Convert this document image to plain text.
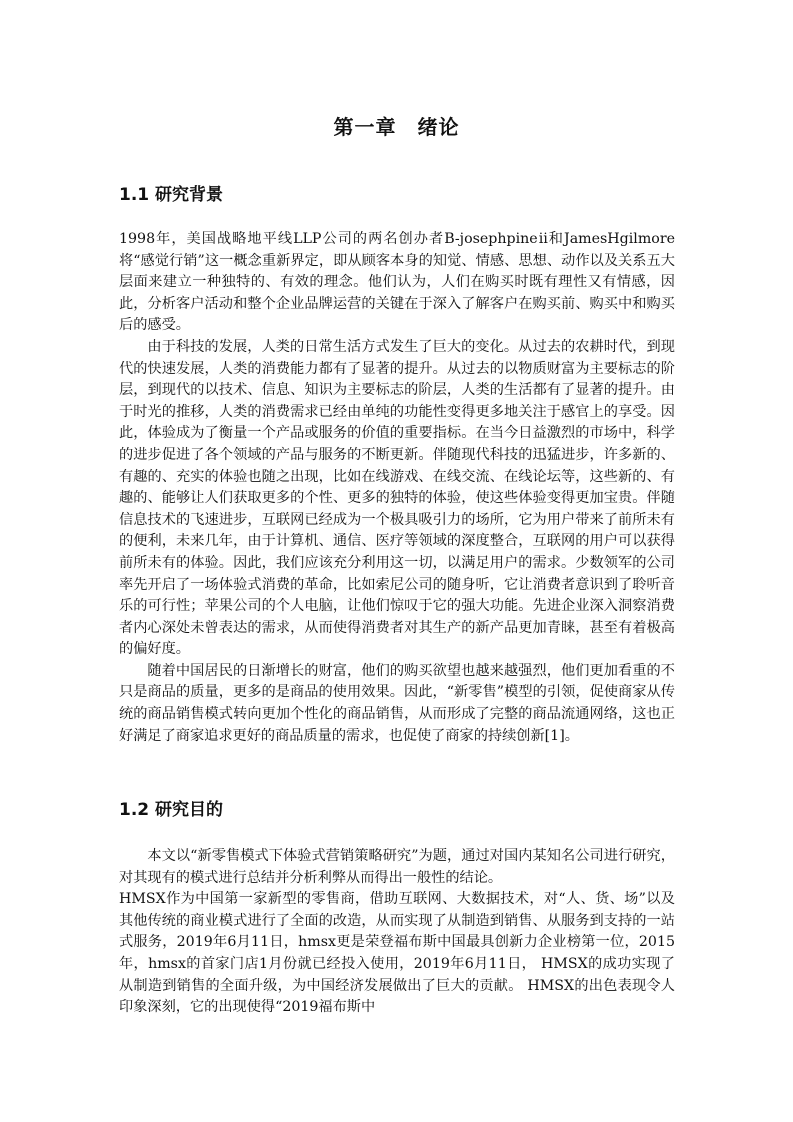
第一章　绪论
1.1 研究背景

1998年，美国战略地平线LLP公司的两名创办者B-josephpineⅱ和JamesHgilmore将“感觉行销”这一概念重新界定，即从顾客本身的知觉、情感、思想、动作以及关系五大层面来建立一种独特的、有效的理念。他们认为，人们在购买时既有理性又有情感，因此，分析客户活动和整个企业品牌运营的关键在于深入了解客户在购买前、购买中和购买后的感受。

由于科技的发展，人类的日常生活方式发生了巨大的变化。从过去的农耕时代，到现代的快速发展，人类的消费能力都有了显著的提升。从过去的以物质财富为主要标志的阶层，到现代的以技术、信息、知识为主要标志的阶层，人类的生活都有了显著的提升。由于时光的推移，人类的消费需求已经由单纯的功能性变得更多地关注于感官上的享受。因此，体验成为了衡量一个产品或服务的价值的重要指标。在当今日益激烈的市场中，科学的进步促进了各个领域的产品与服务的不断更新。伴随现代科技的迅猛进步，许多新的、有趣的、充实的体验也随之出现，比如在线游戏、在线交流、在线论坛等，这些新的、有趣的、能够让人们获取更多的个性、更多的独特的体验，使这些体验变得更加宝贵。伴随信息技术的飞速进步，互联网已经成为一个极具吸引力的场所，它为用户带来了前所未有的便利，未来几年，由于计算机、通信、医疗等领域的深度整合，互联网的用户可以获得前所未有的体验。因此，我们应该充分利用这一切，以满足用户的需求。少数领军的公司率先开启了一场体验式消费的革命，比如索尼公司的随身听，它让消费者意识到了聆听音乐的可行性；苹果公司的个人电脑，让他们惊叹于它的强大功能。先进企业深入洞察消费者内心深处未曾表达的需求，从而使得消费者对其生产的新产品更加青睐，甚至有着极高的偏好度。

随着中国居民的日渐增长的财富，他们的购买欲望也越来越强烈，他们更加看重的不只是商品的质量，更多的是商品的使用效果。因此，“新零售”模型的引领，促使商家从传统的商品销售模式转向更加个性化的商品销售，从而形成了完整的商品流通网络，这也正好满足了商家追求更好的商品质量的需求，也促使了商家的持续创新[1]。

1.2 研究目的

本文以“新零售模式下体验式营销策略研究”为题，通过对国内某知名公司进行研究，对其现有的模式进行总结并分析利弊从而得出一般性的结论。

HMSX作为中国第一家新型的零售商，借助互联网、大数据技术，对“人、货、场”以及其他传统的商业模式进行了全面的改造，从而实现了从制造到销售、从服务到支持的一站式服务，2019年6月11日，hmsx更是荣登福布斯中国最具创新力企业榜第一位，2015年，hmsx的首家门店1月份就已经投入使用，2019年6月11日， HMSX的成功实现了从制造到销售的全面升级，为中国经济发展做出了巨大的贡献。 HMSX的出色表现令人印象深刻，它的出现使得“2019福布斯中
